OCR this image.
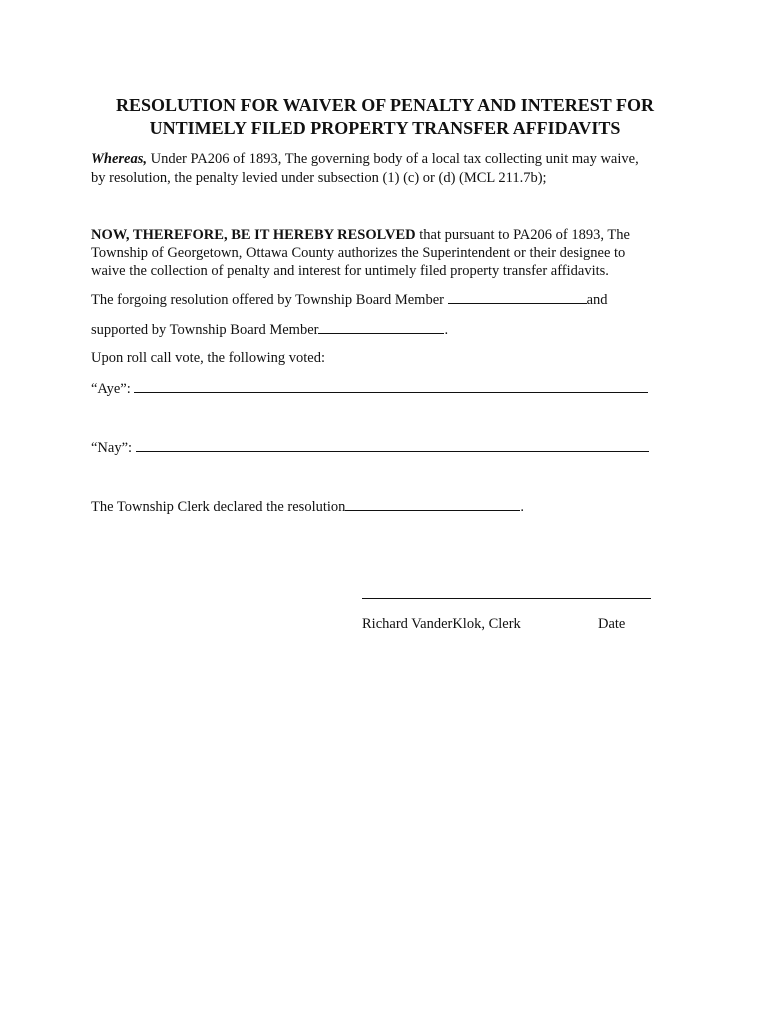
RESOLUTION FOR WAIVER OF PENALTY AND INTEREST FOR
UNTIMELY FILED PROPERTY TRANSFER AFFIDAVITS
Whereas, Under PA206 of 1893, The governing body of a local tax collecting unit may waive,
by resolution, the penalty levied under subsection (1) (c) or (d) (MCL 211.7b);
NOW, THEREFORE, BE IT HEREBY RESOLVED that pursuant to PA206 of 1893, The
Township of Georgetown, Ottawa County authorizes the Superintendent or their designee to
waive the collection of penalty and interest for untimely filed property transfer affidavits.
The forgoing resolution offered by Township Board Member	and
supported by Township Board Member	.
Upon roll call vote, the following voted:
“Aye”:
“Nay”:
The Township Clerk declared the resolution	.
Richard VanderKlok, Clerk	Date
